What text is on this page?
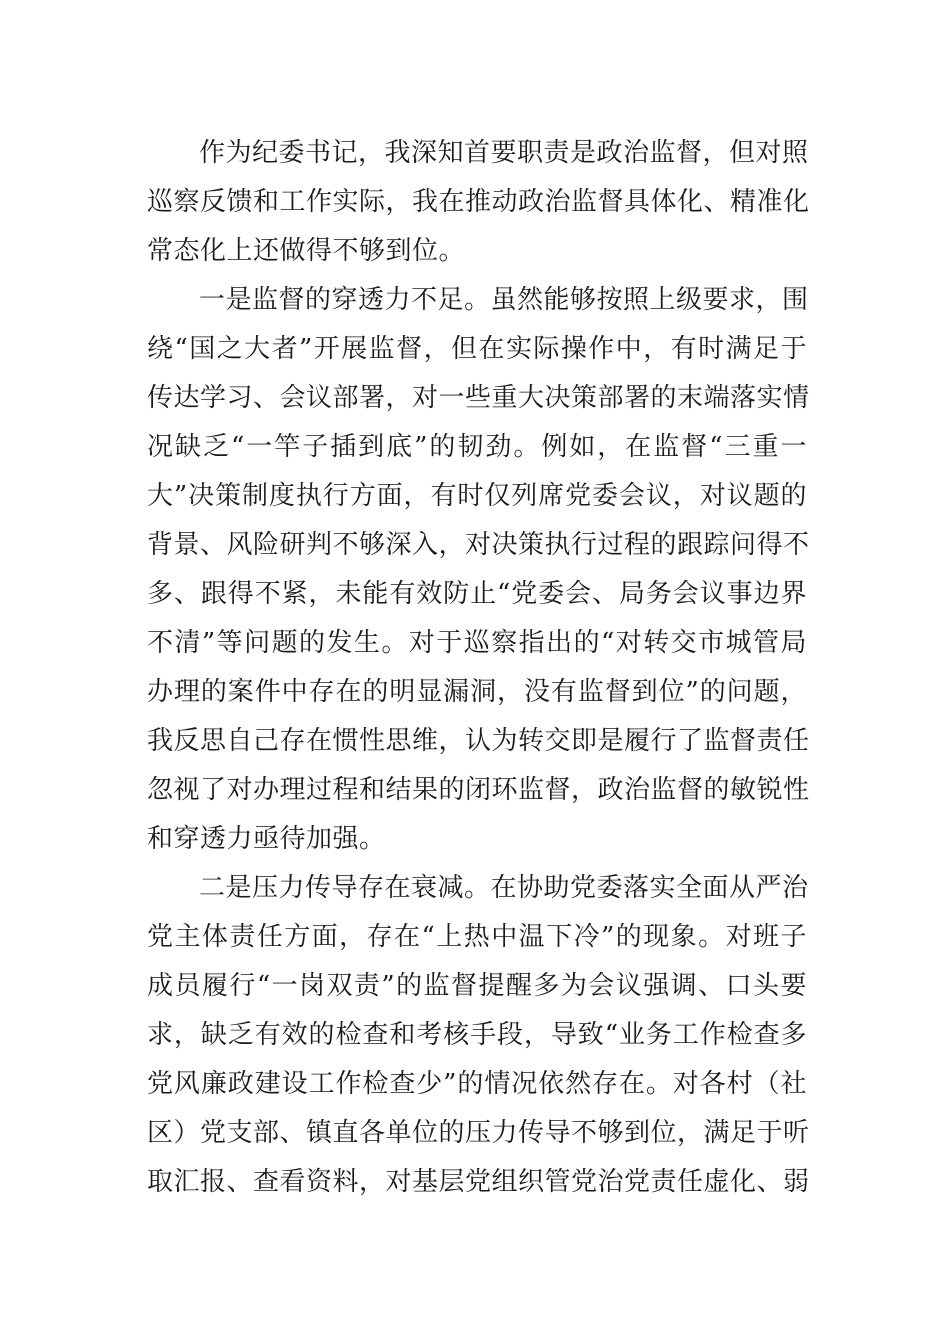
作为纪委书记，我深知首要职责是政治监督，但对照
巡察反馈和工作实际，我在推动政治监督具体化、精准化
常态化上还做得不够到位。
一是监督的穿透力不足。虽然能够按照上级要求，围
绕“国之大者”开展监督，但在实际操作中，有时满足于
传达学习、会议部署，对一些重大决策部署的末端落实情
况缺乏“一竿子插到底”的韧劲。例如，在监督“三重一
大”决策制度执行方面，有时仅列席党委会议，对议题的
背景、风险研判不够深入，对决策执行过程的跟踪问得不
多、跟得不紧，未能有效防止“党委会、局务会议事边界
不清”等问题的发生。对于巡察指出的“对转交市城管局
办理的案件中存在的明显漏洞，没有监督到位”的问题，
我反思自己存在惯性思维，认为转交即是履行了监督责任
忽视了对办理过程和结果的闭环监督，政治监督的敏锐性
和穿透力亟待加强。
二是压力传导存在衰减。在协助党委落实全面从严治
党主体责任方面，存在“上热中温下冷”的现象。对班子
成员履行“一岗双责”的监督提醒多为会议强调、口头要
求，缺乏有效的检查和考核手段，导致“业务工作检查多
党风廉政建设工作检查少”的情况依然存在。对各村（社
区）党支部、镇直各单位的压力传导不够到位，满足于听
取汇报、查看资料，对基层党组织管党治党责任虚化、弱
